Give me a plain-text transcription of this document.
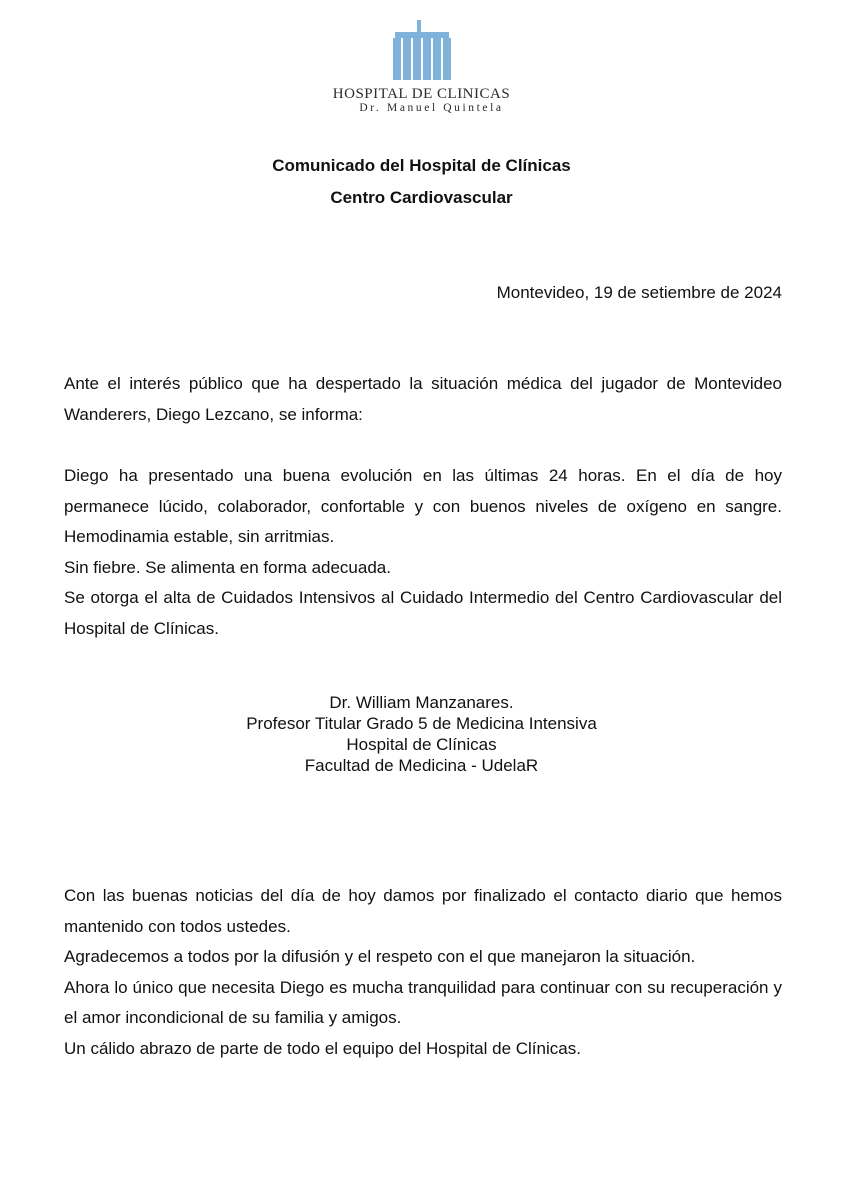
HOSPITAL DE CLINICAS
Dr. Manuel Quintela
Comunicado del Hospital de Clínicas
Centro Cardiovascular
Montevideo, 19 de setiembre de 2024

Ante el interés público que ha despertado la situación médica del jugador de Montevideo Wanderers, Diego Lezcano, se informa:

Diego ha presentado una buena evolución en las últimas 24 horas. En el día de hoy permanece lúcido, colaborador, confortable y con buenos niveles de oxígeno en sangre. Hemodinamia estable, sin arritmias.

Sin fiebre. Se alimenta en forma adecuada.

Se otorga el alta de Cuidados Intensivos al Cuidado Intermedio del Centro Cardiovascular del Hospital de Clínicas.

Dr. William Manzanares.
Profesor Titular Grado 5 de Medicina Intensiva
Hospital de Clínicas
Facultad de Medicina - UdelaR

Con las buenas noticias del día de hoy damos por finalizado el contacto diario que hemos mantenido con todos ustedes.

Agradecemos a todos por la difusión y el respeto con el que manejaron la situación.

Ahora lo único que necesita Diego es mucha tranquilidad para continuar con su recuperación y el amor incondicional de su familia y amigos.

Un cálido abrazo de parte de todo el equipo del Hospital de Clínicas.
